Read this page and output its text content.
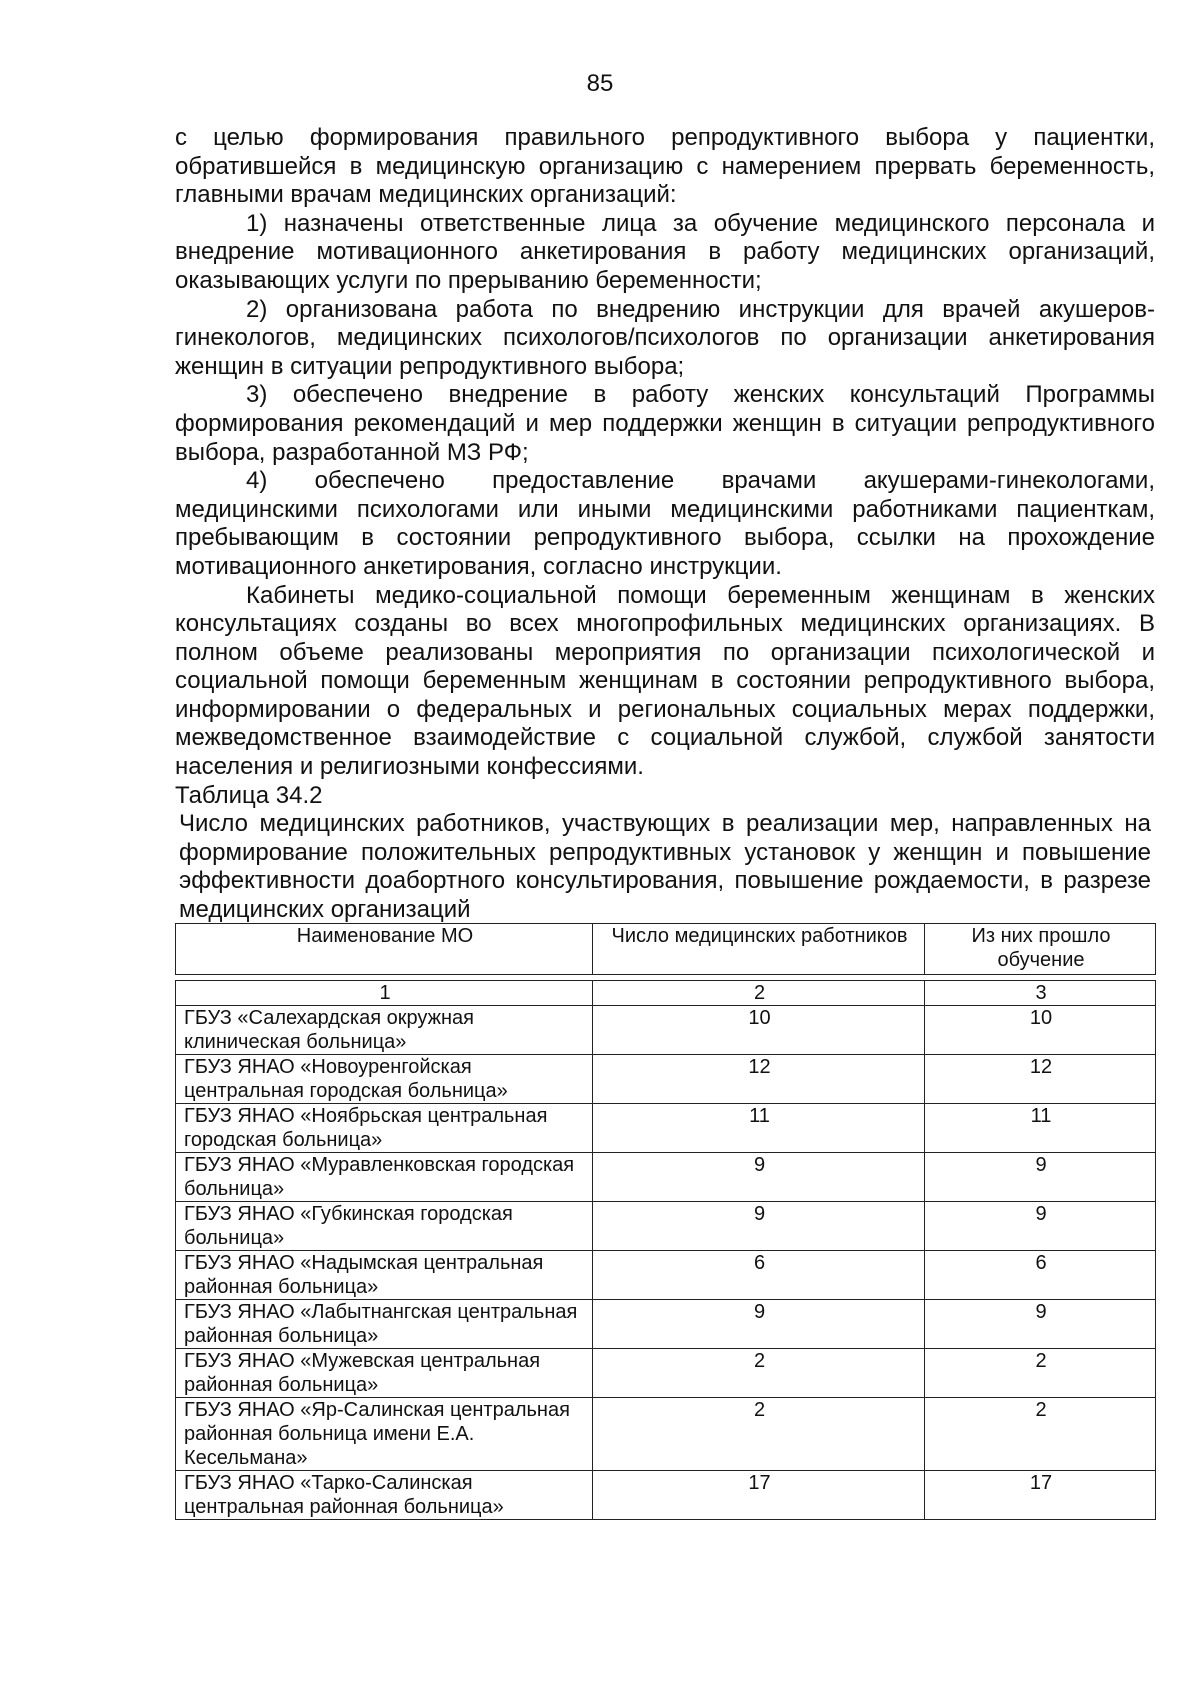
85

с целью формирования правильного репродуктивного выбора у пациентки, обратившейся в медицинскую организацию с намерением прервать беременность, главными врачам медицинских организаций:

1) назначены ответственные лица за обучение медицинского персонала и внедрение мотивационного анкетирования в работу медицинских организаций, оказывающих услуги по прерыванию беременности;

2) организована работа по внедрению инструкции для врачей акушеров-гинекологов, медицинских психологов/психологов по организации анкетирования женщин в ситуации репродуктивного выбора;

3) обеспечено внедрение в работу женских консультаций Программы формирования рекомендаций и мер поддержки женщин в ситуации репродуктивного выбора, разработанной МЗ РФ;

4) обеспечено предоставление врачами акушерами-гинекологами, медицинскими психологами или иными медицинскими работниками пациенткам, пребывающим в состоянии репродуктивного выбора, ссылки на прохождение мотивационного анкетирования, согласно инструкции.

Кабинеты медико-социальной помощи беременным женщинам в женских консультациях созданы во всех многопрофильных медицинских организациях. В полном объеме реализованы мероприятия по организации психологической и социальной помощи беременным женщинам в состоянии репродуктивного выбора, информировании о федеральных и региональных социальных мерах поддержки, межведомственное взаимодействие с социальной службой, службой занятости населения и религиозными конфессиями.

Таблица 34.2

Число медицинских работников, участвующих в реализации мер, направленных на формирование положительных репродуктивных установок у женщин и повышение эффективности доабортного консультирования, повышение рождаемости, в разрезе медицинских организаций

Наименование МО	Число медицинских работников	Из них прошло обучение

1	2	3
ГБУЗ «Салехардская окружная клиническая больница»	10	10
ГБУЗ ЯНАО «Новоуренгойская центральная городская больница»	12	12
ГБУЗ ЯНАО «Ноябрьская центральная городская больница»	11	11
ГБУЗ ЯНАО «Муравленковская городская больница»	9	9
ГБУЗ ЯНАО «Губкинская городская больница»	9	9
ГБУЗ ЯНАО «Надымская центральная районная больница»	6	6
ГБУЗ ЯНАО «Лабытнангская центральная районная больница»	9	9
ГБУЗ ЯНАО «Мужевская центральная районная больница»	2	2
ГБУЗ ЯНАО «Яр-Салинская центральная районная больница имени Е.А. Кесельмана»	2	2
ГБУЗ ЯНАО «Тарко-Салинская центральная районная больница»	17	17
